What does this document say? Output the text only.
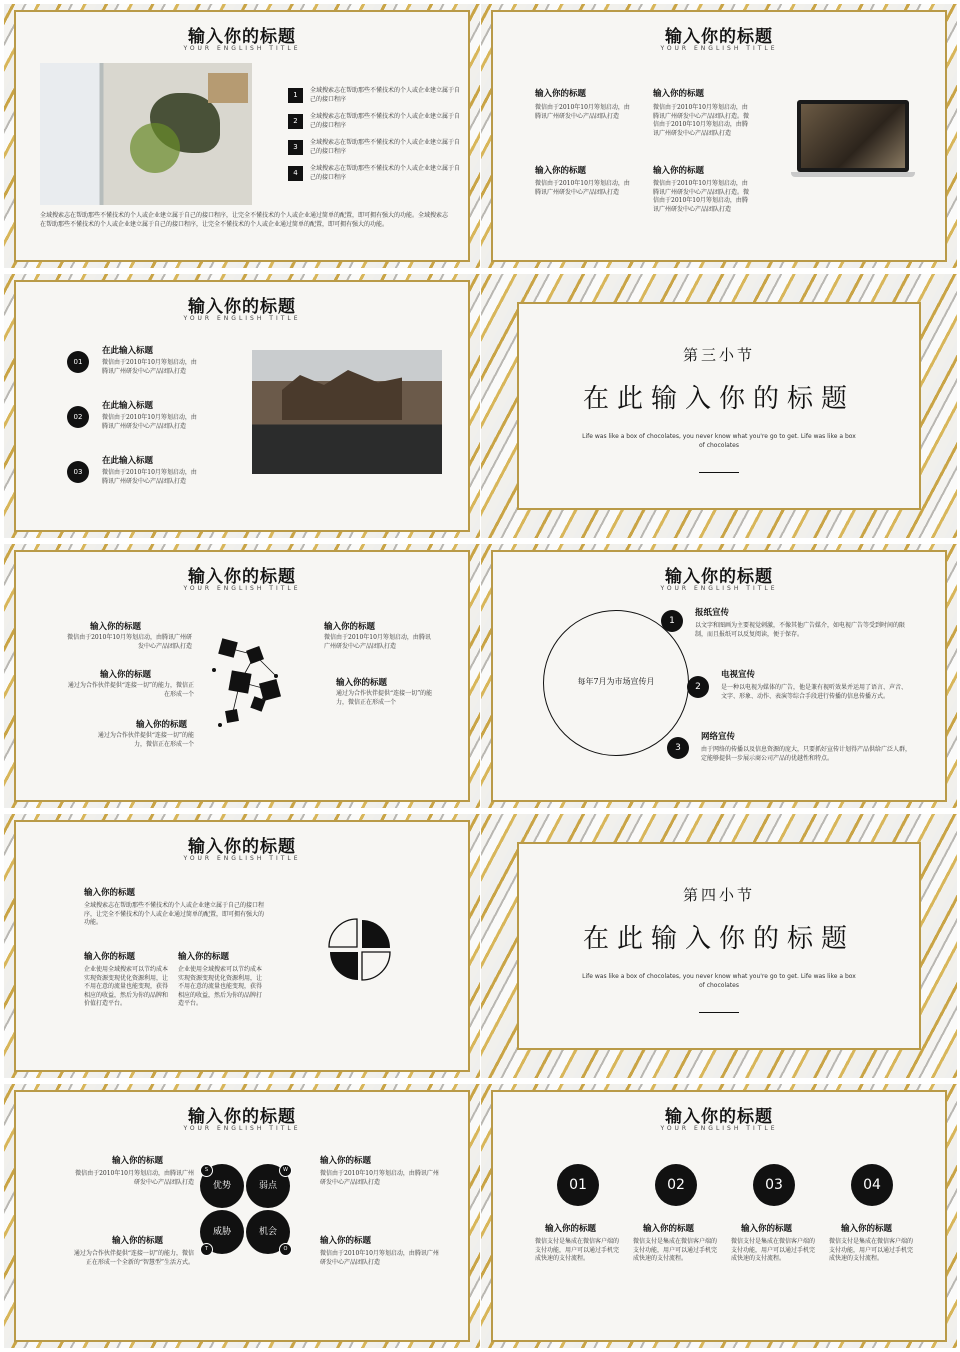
输入你的标题
YOUR ENGLISH TITLE
1
全域搜索志在帮助那些不懂技术的个人或企业建立属于自己的接口程序
2
全域搜索志在帮助那些不懂技术的个人或企业建立属于自己的接口程序
3
全域搜索志在帮助那些不懂技术的个人或企业建立属于自己的接口程序
4
全域搜索志在帮助那些不懂技术的个人或企业建立属于自己的接口程序
全域搜索志在帮助那些不懂技术的个人或企业建立属于自己的接口程序，让完全不懂技术的个人或企业通过简单的配置，即可拥有强大的功能。全域搜索志在帮助那些不懂技术的个人或企业建立属于自己的接口程序，让完全不懂技术的个人或企业通过简单的配置，即可拥有强大的功能。
输入你的标题
YOUR ENGLISH TITLE
输入你的标题
微信由于2010年10月筹划启动，由腾讯广州研发中心产品团队打造
输入你的标题
微信由于2010年10月筹划启动，由腾讯广州研发中心产品团队打造。微信由于2010年10月筹划启动，由腾讯广州研发中心产品团队打造
输入你的标题
微信由于2010年10月筹划启动，由腾讯广州研发中心产品团队打造
输入你的标题
微信由于2010年10月筹划启动，由腾讯广州研发中心产品团队打造。微信由于2010年10月筹划启动，由腾讯广州研发中心产品团队打造
输入你的标题
YOUR ENGLISH TITLE
01
在此输入标题
微信由于2010年10月筹划启动，由腾讯广州研发中心产品团队打造
02
在此输入标题
微信由于2010年10月筹划启动，由腾讯广州研发中心产品团队打造
03
在此输入标题
微信由于2010年10月筹划启动，由腾讯广州研发中心产品团队打造
第三小节
在此输入你的标题
Life was like a box of chocolates, you never know what you're go to get. Life was like a box of chocolates
输入你的标题
YOUR ENGLISH TITLE
输入你的标题
微信由于2010年10月筹划启动，由腾讯广州研发中心产品团队打造
输入你的标题
通过为合作伙伴提供“连接一切”的能力，微信正在形成一个
输入你的标题
通过为合作伙伴提供“连接一切”的能力，微信正在形成一个
输入你的标题
微信由于2010年10月筹划启动，由腾讯广州研发中心产品团队打造
输入你的标题
通过为合作伙伴提供“连接一切”的能力，微信正在形成一个
输入你的标题
YOUR ENGLISH TITLE
每年7月为市场宣传月
1
报纸宣传
以文字和图画为主要视觉刺激，不像其他广告媒介，如电视广告等受到时间的限制，而且报纸可以反复阅读，便于保存。
2
电视宣传
是一种以电视为媒体的广告，他是兼有视听效果并运用了语言、声音、文字、形象、动作、表演等综合手段进行传播的信息传播方式。
3
网络宣传
由于网络的传播以及信息资源的庞大，只要抓好宣传计划得产品供给广泛人群，定能够提供一步展示商公司产品的优越性和特点。
输入你的标题
YOUR ENGLISH TITLE
输入你的标题
全域搜索志在帮助那些不懂技术的个人或企业建立属于自己的接口程序，让完全不懂技术的个人或企业通过简单的配置，即可拥有强大的功能。
输入你的标题
企业使用全域搜索可以节约成本实现资源变现优化资源利用，让不用在意的流量也能变现，获得相应的收益，然后为你的品牌和价值打造平台。
输入你的标题
企业使用全域搜索可以节约成本实现资源变现优化资源利用，让不用在意的流量也能变现，获得相应的收益，然后为你的品牌打造平台。
第四小节
在此输入你的标题
Life was like a box of chocolates, you never know what you're go to get. Life was like a box of chocolates
输入你的标题
YOUR ENGLISH TITLE
输入你的标题
微信由于2010年10月筹划启动，由腾讯广州研发中心产品团队打造
输入你的标题
通过为合作伙伴提供“连接一切”的能力，微信正在形成一个全新的“智慧型”生活方式。
输入你的标题
微信由于2010年10月筹划启动，由腾讯广州研发中心产品团队打造
输入你的标题
微信由于2010年10月筹划启动，由腾讯广州研发中心产品团队打造
优势	弱点
威胁	机会
S	W
T	O
输入你的标题
YOUR ENGLISH TITLE
01
输入你的标题
微信支付是集成在微信客户端的支付功能，用户可以通过手机完成快速的支付流程。
02
输入你的标题
微信支付是集成在微信客户端的支付功能，用户可以通过手机完成快速的支付流程。
03
输入你的标题
微信支付是集成在微信客户端的支付功能，用户可以通过手机完成快速的支付流程。
04
输入你的标题
微信支付是集成在微信客户端的支付功能，用户可以通过手机完成快速的支付流程。
